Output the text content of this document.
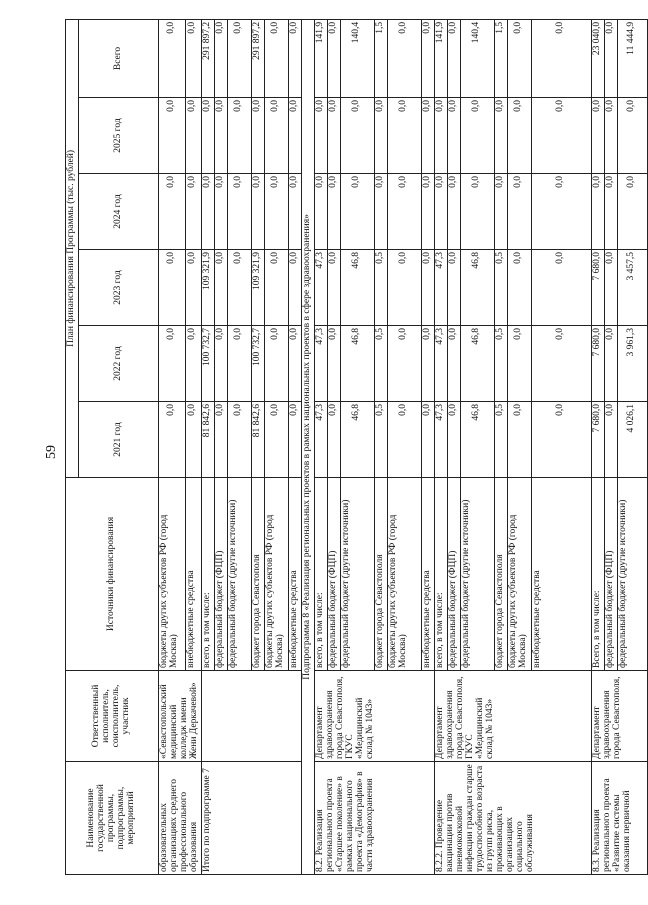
59
Наименование государственной программы, подпрограммы, мероприятий	Ответственный исполнитель, соисполнитель, участник	Источники финансирования	План финансирования Программы (тыс. рублей)					
			2021 год	2022 год	2023 год	2024 год	2025 год	Всего
образовательных организациях среднего профессионального образования	«Севастопольский медицинский колледж имени Жени Деркачевой»	бюджеты других субъектов РФ (город Москва)	0,0	0,0	0,0	0,0	0,0	0,0
		внебюджетные средства	0,0	0,0	0,0	0,0	0,0	0,0
Итого по подпрограмме 7		всего, в том числе:	81 842,6	100 732,7	109 321,9	0,0	0,0	291 897,2
		федеральный бюджет (ФЦП)	0,0	0,0	0,0	0,0	0,0	0,0
		федеральный бюджет (другие источники)	0,0	0,0	0,0	0,0	0,0	0,0
		бюджет города Севастополя	81 842,6	100 732,7	109 321,9	0,0	0,0	291 897,2
		бюджеты других субъектов РФ (город Москва)	0,0	0,0	0,0	0,0	0,0	0,0
		внебюджетные средства	0,0	0,0	0,0	0,0	0,0	0,0
Подпрограмма 8 «Реализация региональных проектов в рамках национальных проектов в сфере здравоохранения»								
8.2. Реализация регионального проекта «Старшее поколение» в рамках национального проекта «Демография» в части здравоохранения	Департамент здравоохранения города Севастополя, ГКУС «Медицинский склад № 1043»	всего, в том числе:	47,3	47,3	47,3	0,0	0,0	141,9
		федеральный бюджет (ФЦП)	0,0	0,0	0,0	0,0	0,0	0,0
		федеральный бюджет (другие источники)	46,8	46,8	46,8	0,0	0,0	140,4
		бюджет города Севастополя	0,5	0,5	0,5	0,0	0,0	1,5
		бюджеты других субъектов РФ (город Москва)	0,0	0,0	0,0	0,0	0,0	0,0
		внебюджетные средства	0,0	0,0	0,0	0,0	0,0	0,0
8.2.2. Проведение вакцинации против пневмококковой инфекции граждан старше трудоспособного возраста из групп риска, проживающих в организациях социального обслуживания	Департамент здравоохранения города Севастополя, ГКУС «Медицинский склад № 1043»	всего, в том числе:	47,3	47,3	47,3	0,0	0,0	141,9
		федеральный бюджет (ФЦП)	0,0	0,0	0,0	0,0	0,0	0,0
		федеральный бюджет (другие источники)	46,8	46,8	46,8	0,0	0,0	140,4
		бюджет города Севастополя	0,5	0,5	0,5	0,0	0,0	1,5
		бюджеты других субъектов РФ (город Москва)	0,0	0,0	0,0	0,0	0,0	0,0
		внебюджетные средства	0,0	0,0	0,0	0,0	0,0	0,0
8.3. Реализация регионального проекта «Развитие системы оказания первичной	Департамент здравоохранения города Севастополя,	Всего, в том числе:	7 680,0	7 680,0	7 680,0	0,0	0,0	23 040,0
		федеральный бюджет (ФЦП)	0,0	0,0	0,0	0,0	0,0	0,0
		федеральный бюджет (другие источники)	4 026,1	3 961,3	3 457,5	0,0	0,0	11 444,9
